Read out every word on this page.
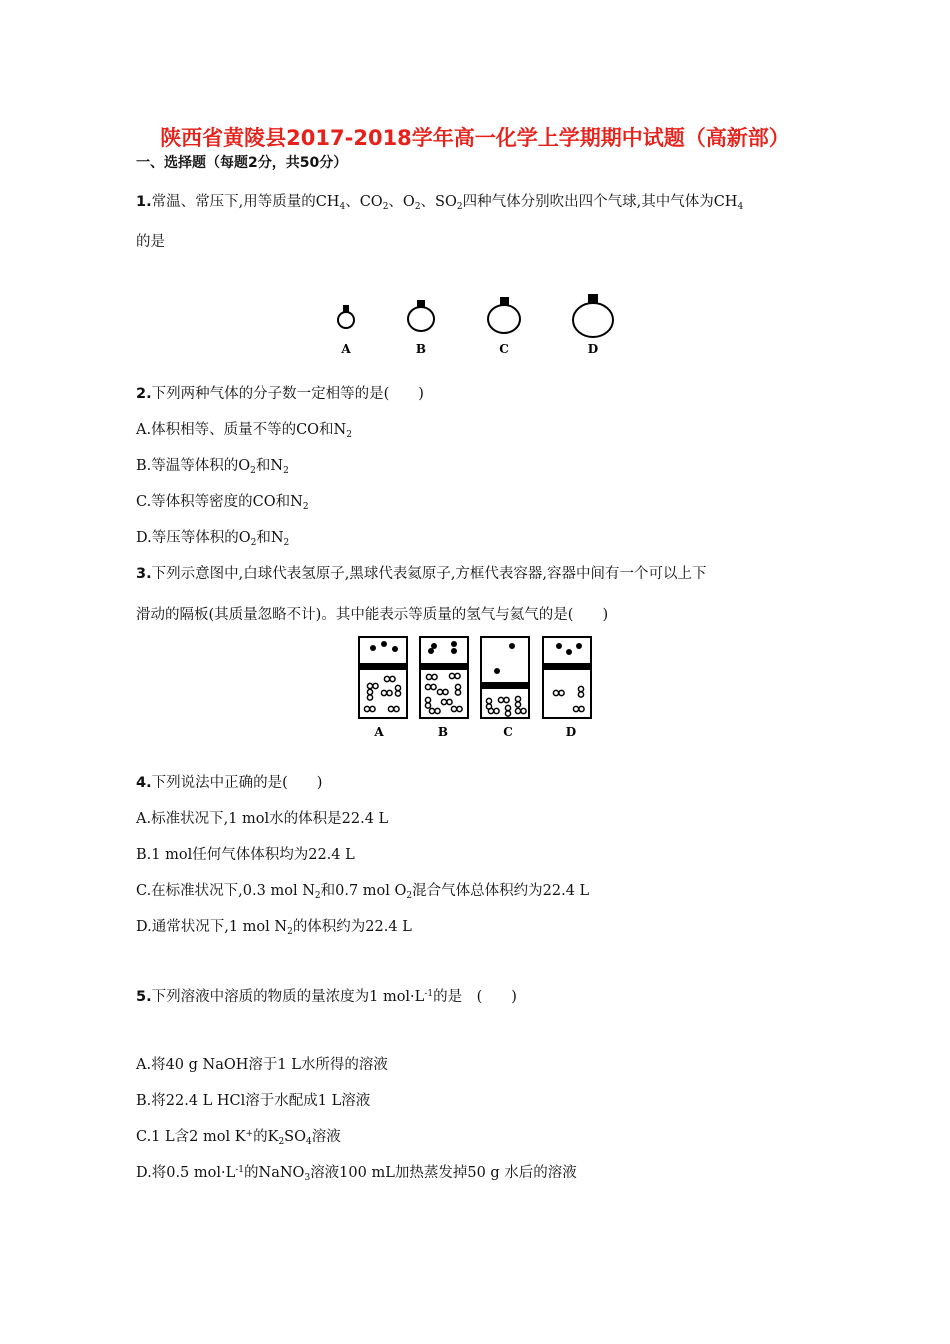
陕西省黄陵县2017-2018学年高一化学上学期期中试题（高新部）
一、选择题（每题2分，共50分）
1.常温、常压下,用等质量的$CH_4$、$CO_2$、$O_2$、$SO_2$四种气体分别吹出四个气球,其中气体为$CH_4$
的是
A	B	C	D
2.下列两种气体的分子数一定相等的是(　　)
A.体积相等、质量不等的CO和$N_2$
B.等温等体积的$O_2$和$N_2$
C.等体积等密度的CO和$N_2$
D.等压等体积的$O_2$和$N_2$
3.下列示意图中,白球代表氢原子,黑球代表氦原子,方框代表容器,容器中间有一个可以上下
滑动的隔板(其质量忽略不计)。其中能表示等质量的氢气与氦气的是(　　)
A	B	C	D
4.下列说法中正确的是(　　)
A.标准状况下,1 mol水的体积是22.4 L
B.1 mol任何气体体积均为22.4 L
C.在标准状况下,0.3 mol $N_2$和0.7 mol $O_2$混合气体总体积约为22.4 L
D.通常状况下,1 mol $N_2$的体积约为22.4 L
5.下列溶液中溶质的物质的量浓度为1 $mol\cdot L^{-1}$的是　(　　)
A.将40 g NaOH溶于1 L水所得的溶液
B.将22.4 L HCl溶于水配成1 L溶液
C.1 L含2 mol K+的$K_2SO_4$溶液
D.将0.5 $mol\cdot L^{-1}$的NaNO$_3$溶液100 mL加热蒸发掉50 g 水后的溶液
